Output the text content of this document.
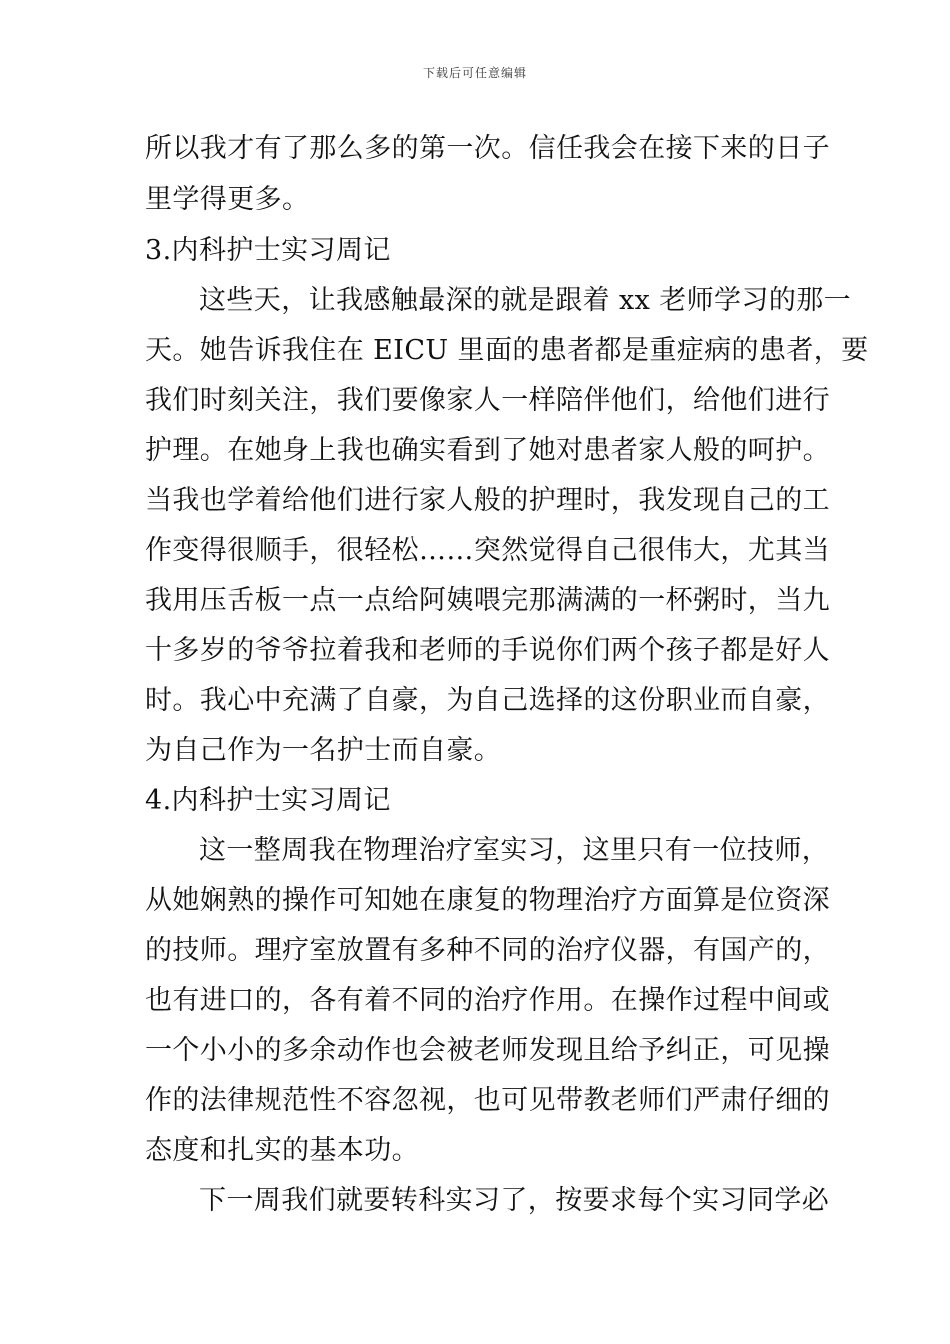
下载后可任意编辑
所以我才有了那么多的第一次。信任我会在接下来的日子
里学得更多。
3.内科护士实习周记
这些天，让我感触最深的就是跟着 xx 老师学习的那一
天。她告诉我住在 EICU 里面的患者都是重症病的患者，要
我们时刻关注，我们要像家人一样陪伴他们，给他们进行
护理。在她身上我也确实看到了她对患者家人般的呵护。
当我也学着给他们进行家人般的护理时，我发现自己的工
作变得很顺手，很轻松……突然觉得自己很伟大，尤其当
我用压舌板一点一点给阿姨喂完那满满的一杯粥时，当九
十多岁的爷爷拉着我和老师的手说你们两个孩子都是好人
时。我心中充满了自豪，为自己选择的这份职业而自豪，
为自己作为一名护士而自豪。
4.内科护士实习周记
这一整周我在物理治疗室实习，这里只有一位技师，
从她娴熟的操作可知她在康复的物理治疗方面算是位资深
的技师。理疗室放置有多种不同的治疗仪器，有国产的，
也有进口的，各有着不同的治疗作用。在操作过程中间或
一个小小的多余动作也会被老师发现且给予纠正，可见操
作的法律规范性不容忽视，也可见带教老师们严肃仔细的
态度和扎实的基本功。
下一周我们就要转科实习了，按要求每个实习同学必
